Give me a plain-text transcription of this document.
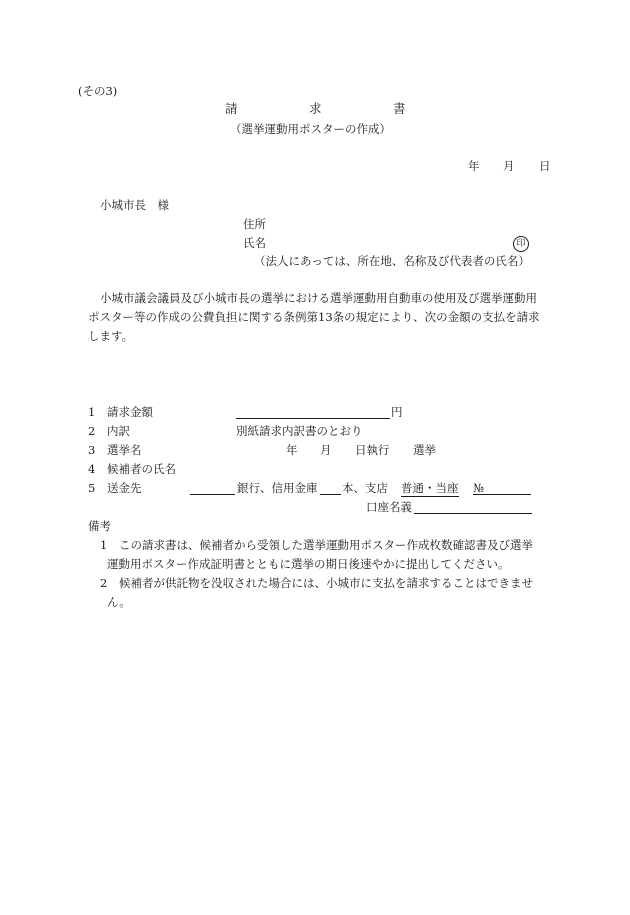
(その3)
請	求	書
（選挙運動用ポスターの作成）
年 月 日
小城市長　様
住所
氏名	印
（法人にあっては、所在地、名称及び代表者の氏名）
小城市議会議員及び小城市長の選挙における選挙運動用自動車の使用及び選挙運動用
ポスター等の作成の公費負担に関する条例第13条の規定により、次の金額の支払を請求
します。
1 請求金額	円
2 内訳	別紙請求内訳書のとおり
3 選挙名	年 月 日執行 選挙
4 候補者の氏名
5 送金先	銀行、信用金庫 本、支店 普通・当座 №
口座名義
備考
1 この請求書は、候補者から受領した選挙運動用ポスター作成枚数確認書及び選挙
運動用ポスター作成証明書とともに選挙の期日後速やかに提出してください。
2 候補者が供託物を没収された場合には、小城市に支払を請求することはできませ
ん。
